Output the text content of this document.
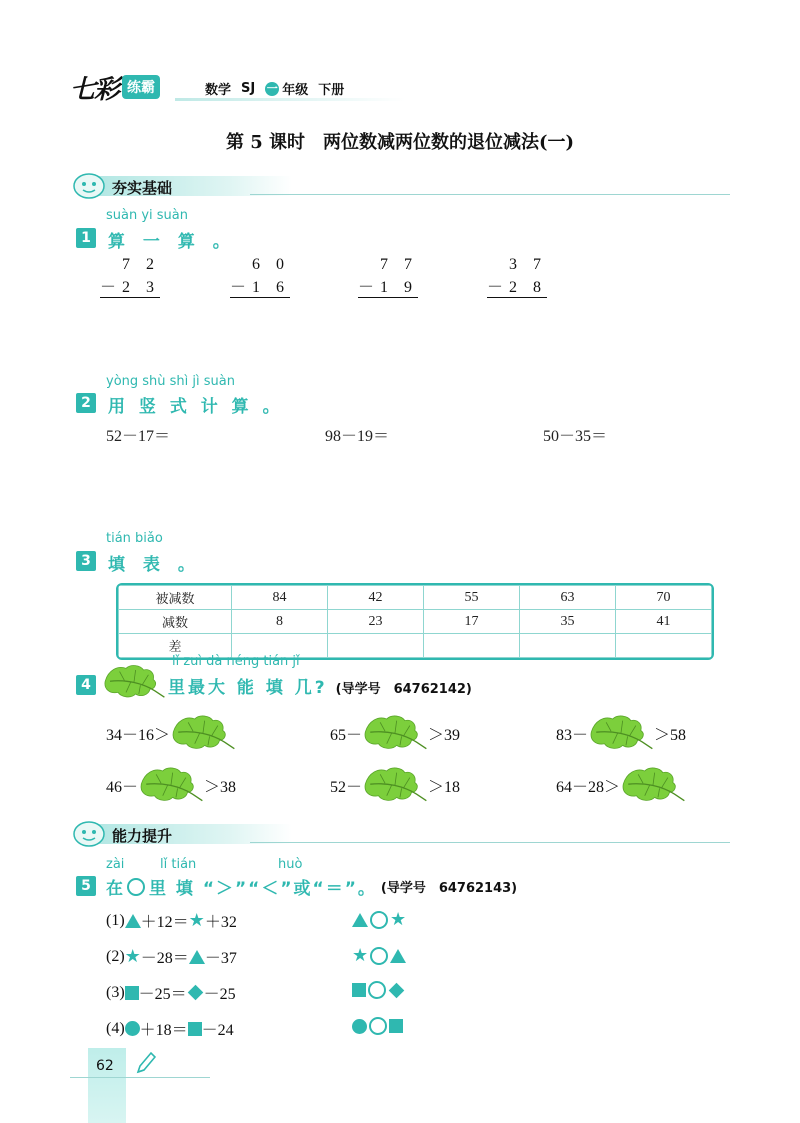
七彩 练霸	数学 SJ 一 年级 下册
第 5 课时　两位数减两位数的退位减法(一)
夯实基础
suàn yi suàn
1	算 一 算 。
7 2
－2 3
6 0
－1 6
7 7
－1 9
3 7
－2 8
yòng shù shì jì suàn
2	用 竖 式 计 算 。
52－17＝	98－19＝	50－35＝
tián biǎo
3	填 表 。
被减数	84	42	55	63	70
减数	8	23	17	35	41
差					
lǐ zuì dà néng tián jǐ
4	里最大 能 填 几? (导学号　64762142)
34－16＞	65－	＞39	83－	＞58
46－	＞38	52－	＞18	64－28＞
能力提升
zài	lǐ tián	huò
5 在 里 填 “＞”“＜”或“＝”。 (导学号　64762143)
(1) ＋12＝ ★ ＋32	★
(2) ★ －28＝ －37	★
(3) －25＝ －25
(4) ＋18＝ －24
62
